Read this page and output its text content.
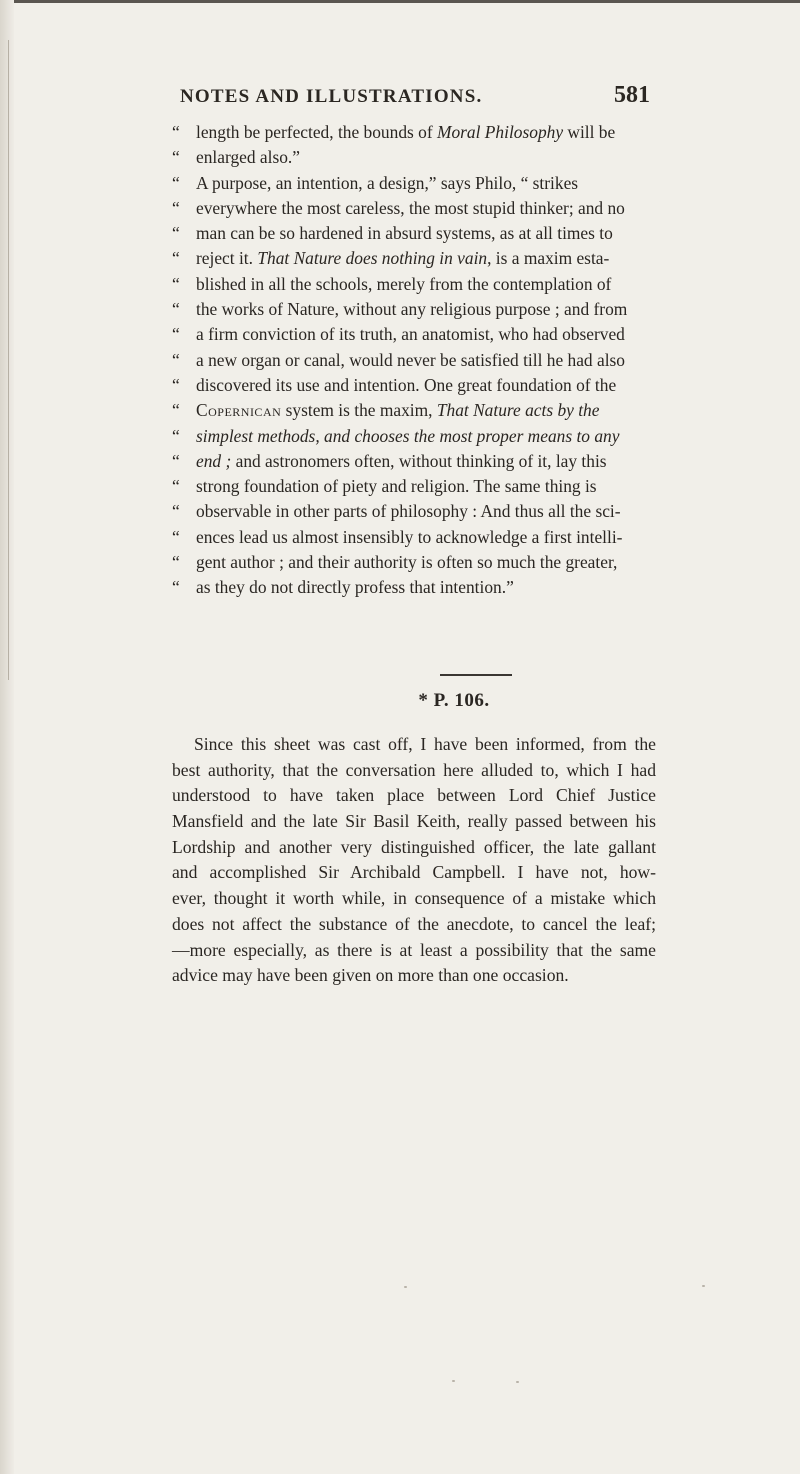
NOTES AND ILLUSTRATIONS.	581
“ length be perfected, the bounds of Moral Philosophy will be
“ enlarged also.”
“ A purpose, an intention, a design,” says Philo, “ strikes
“ everywhere the most careless, the most stupid thinker; and no
“ man can be so hardened in absurd systems, as at all times to
“ reject it. That Nature does nothing in vain, is a maxim esta-
“ blished in all the schools, merely from the contemplation of
“ the works of Nature, without any religious purpose ; and from
“ a firm conviction of its truth, an anatomist, who had observed
“ a new organ or canal, would never be satisfied till he had also
“ discovered its use and intention. One great foundation of the
“ Copernican system is the maxim, That Nature acts by the
“ simplest methods, and chooses the most proper means to any
“ end ; and astronomers often, without thinking of it, lay this
“ strong foundation of piety and religion. The same thing is
“ observable in other parts of philosophy : And thus all the sci-
“ ences lead us almost insensibly to acknowledge a first intelli-
“ gent author ; and their authority is often so much the greater,
“ as they do not directly profess that intention.”
* P. 106.
Since this sheet was cast off, I have been informed, from the
best authority, that the conversation here alluded to, which I had
understood to have taken place between Lord Chief Justice
Mansfield and the late Sir Basil Keith, really passed between his
Lordship and another very distinguished officer, the late gallant
and accomplished Sir Archibald Campbell. I have not, how-
ever, thought it worth while, in consequence of a mistake which
does not affect the substance of the anecdote, to cancel the leaf;
—more especially, as there is at least a possibility that the same
advice may have been given on more than one occasion.
